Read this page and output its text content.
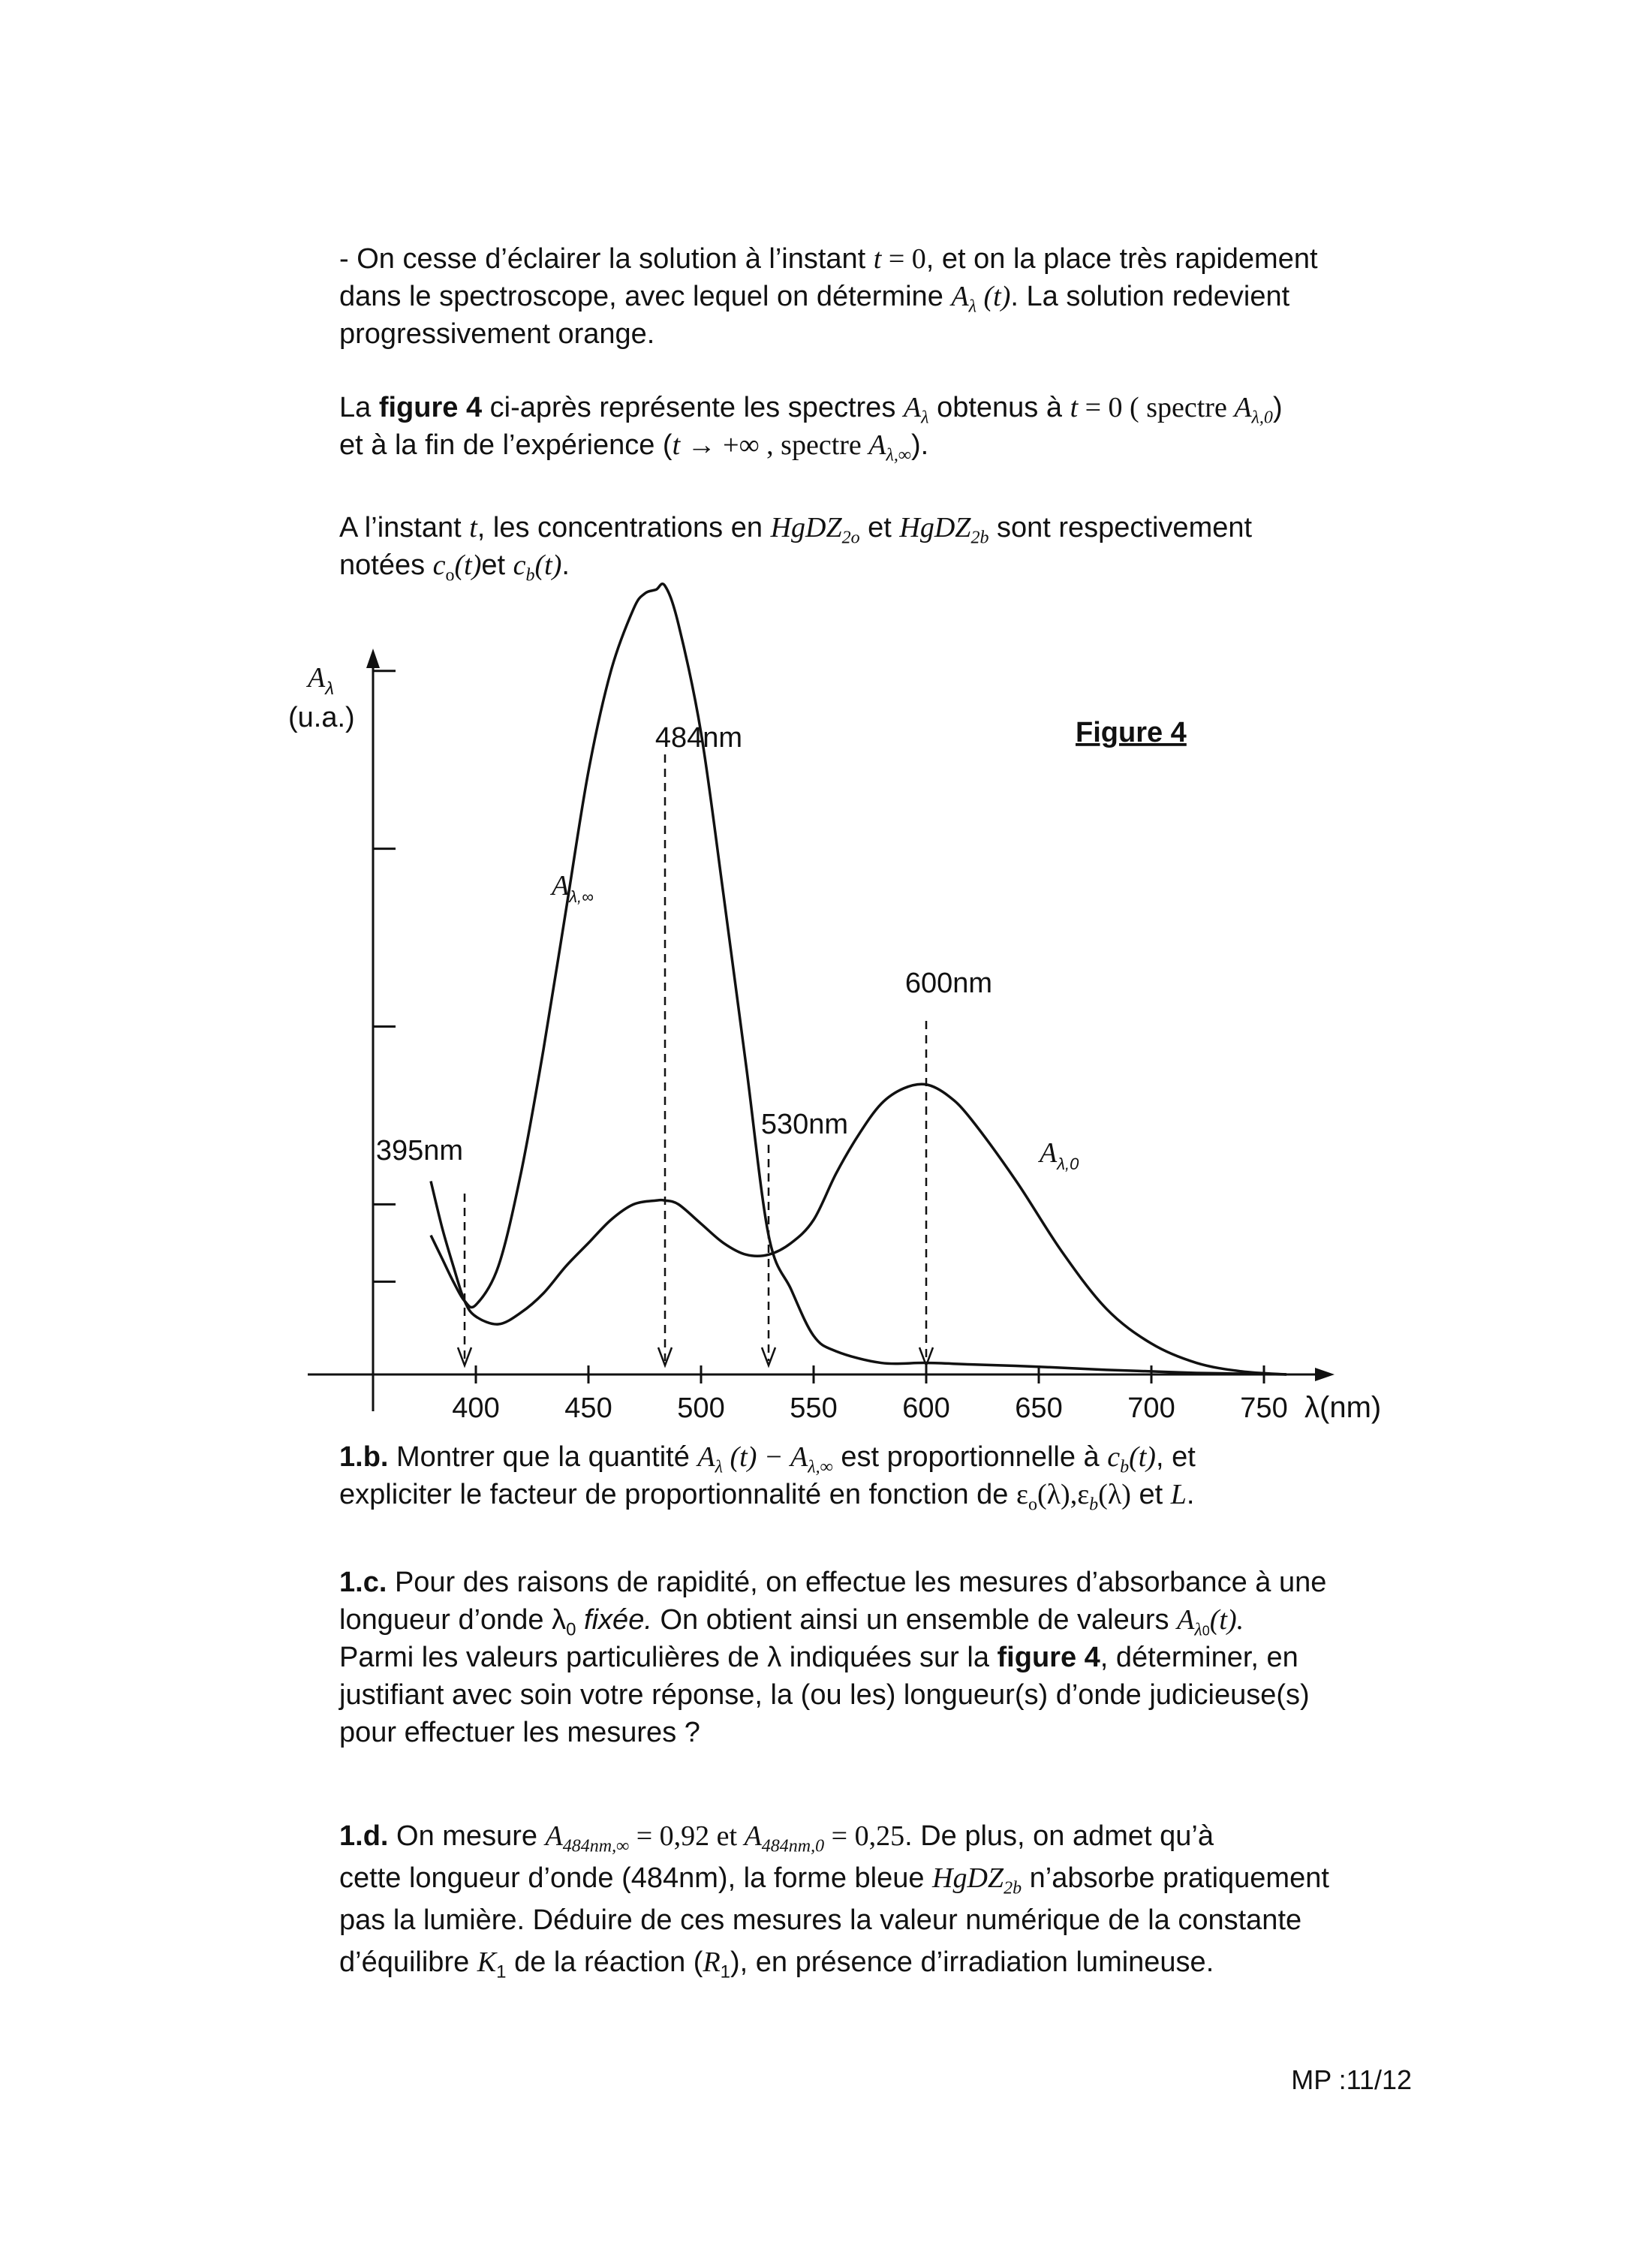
- On cesse d’éclairer la solution à l’instant t = 0, et on la place très rapidement
dans le spectroscope, avec lequel on détermine $A_\lambda$ (t). La solution redevient
progressivement orange.

La figure 4 ci-après représente les spectres $A_\lambda$ obtenus à t = 0 ( spectre $A_{\lambda,0}$)
et à la fin de l’expérience (t → +∞ , spectre $A_{\lambda,\infty}$).

A l’instant t, les concentrations en HgDZ$_{2o}$ et HgDZ$_{2b}$ sont respectivement
notées $c_o(t)et$ $c_b(t)$.

400 450 500 550 600 650 700 750
395nm
484nm
530nm
600nm
$A_\lambda$
(u.a.)
λ(nm)
Figure 4
$A_{\lambda,\infty}$
$A_{\lambda,0}$

1.b. Montrer que la quantité $A_\lambda$ $(t) - A_{\lambda,\infty}$ est proportionnelle à $c_b(t)$, et
expliciter le facteur de proportionnalité en fonction de $\varepsilon_o(\lambda),\varepsilon_b(\lambda)$ et L.

1.c. Pour des raisons de rapidité, on effectue les mesures d’absorbance à une
longueur d’onde $\lambda_0$ fixée. On obtient ainsi un ensemble de valeurs $A_{\lambda 0}(t)$.
Parmi les valeurs particulières de λ indiquées sur la figure 4, déterminer, en
justifiant avec soin votre réponse, la (ou les) longueur(s) d’onde judicieuse(s)
pour effectuer les mesures ?

1.d. On mesure $A_{484nm,\infty} = 0,92$ et $A_{484nm,0} = 0,25$. De plus, on admet qu’à
cette longueur d’onde (484nm), la forme bleue HgDZ$_{2b}$ n’absorbe pratiquement
pas la lumière. Déduire de ces mesures la valeur numérique de la constante
d’équilibre $K_1$ de la réaction $(R_1)$, en présence d’irradiation lumineuse.

MP :11/12
